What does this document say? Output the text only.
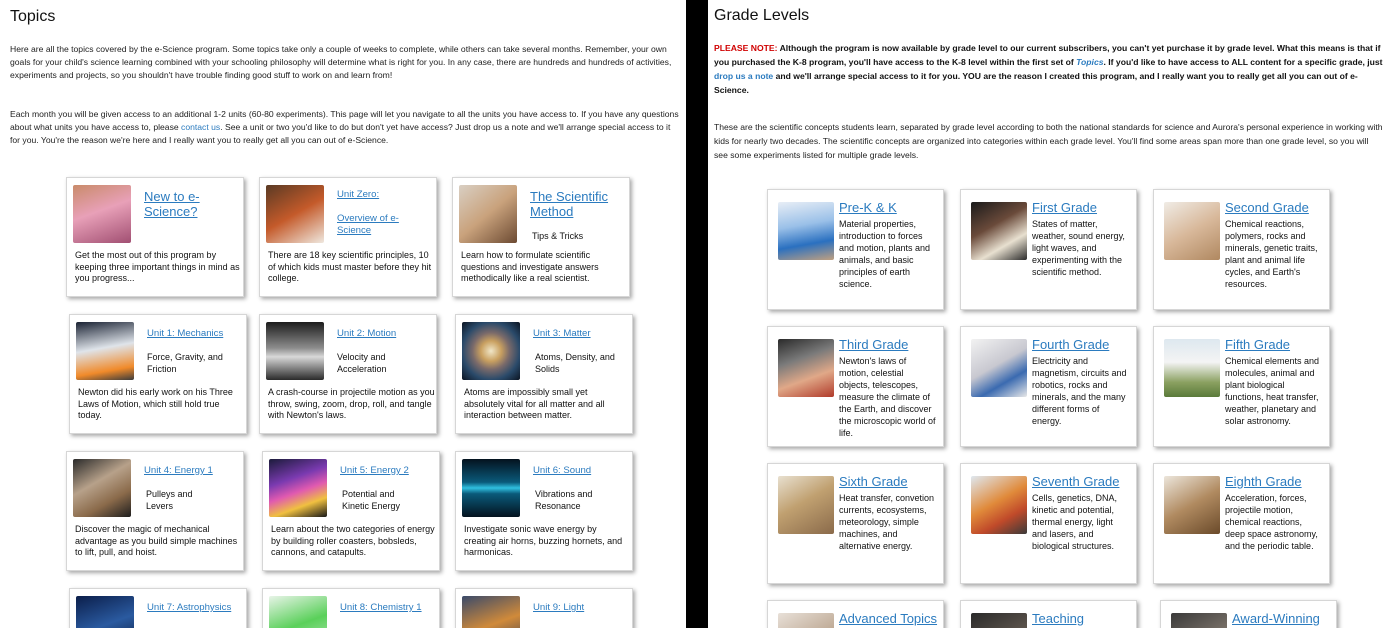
Topics

Here are all the topics covered by the e-Science program. Some topics take only a couple of weeks to complete, while others can take several months. Remember, your own goals for your child's science learning combined with your schooling philosophy will determine what is right for you. In any case, there are hundreds and hundreds of activities, experiments and projects, so you shouldn't have trouble finding good stuff to work on and learn from!

Each month you will be given access to an additional 1-2 units (60-80 experiments). This page will let you navigate to all the units you have access to. If you have any questions about what units you have access to, please contact us. See a unit or two you'd like to do but don't yet have access? Just drop us a note and we'll arrange special access to it for you. You're the reason we're here and I really want you to really get all you can out of e-Science.

New to e-Science?
Get the most out of this program by keeping three important things in mind as you progress...
Unit Zero:
Overview of e-Science
There are 18 key scientific principles, 10 of which kids must master before they hit college.
The Scientific Method
Tips & Tricks
Learn how to formulate scientific questions and investigate answers methodically like a real scientist.
Unit 1: Mechanics
Force, Gravity, and Friction
Newton did his early work on his Three Laws of Motion, which still hold true today.
Unit 2: Motion
Velocity and Acceleration
A crash-course in projectile motion as you throw, swing, zoom, drop, roll, and tangle with Newton's laws.
Unit 3: Matter
Atoms, Density, and Solids
Atoms are impossibly small yet absolutely vital for all matter and all interaction between matter.
Unit 4: Energy 1
Pulleys and Levers
Discover the magic of mechanical advantage as you build simple machines to lift, pull, and hoist.
Unit 5: Energy 2
Potential and Kinetic Energy
Learn about the two categories of energy by building roller coasters, bobsleds, cannons, and catapults.
Unit 6: Sound
Vibrations and Resonance
Investigate sonic wave energy by creating air horns, buzzing hornets, and harmonicas.
Unit 7: Astrophysics	Unit 8: Chemistry 1	Unit 9: Light
Grade Levels

PLEASE NOTE: Although the program is now available by grade level to our current subscribers, you can't yet purchase it by grade level. What this means is that if you purchased the K-8 program, you'll have access to the K-8 level within the first set of Topics. If you'd like to have access to ALL content for a specific grade, just drop us a note and we'll arrange special access to it for you. YOU are the reason I created this program, and I really want you to really get all you can out of e-Science.

These are the scientific concepts students learn, separated by grade level according to both the national standards for science and Aurora's personal experience in working with kids for nearly two decades. The scientific concepts are organized into categories within each grade level. You'll find some areas span more than one grade level, so you will see some experiments listed for multiple grade levels.

Pre-K & K
Material properties, introduction to forces and motion, plants and animals, and basic principles of earth science.
First Grade
States of matter, weather, sound energy, light waves, and experimenting with the scientific method.
Second Grade
Chemical reactions, polymers, rocks and minerals, genetic traits, plant and animal life cycles, and Earth's resources.
Third Grade
Newton's laws of motion, celestial objects, telescopes, measure the climate of the Earth, and discover the microscopic world of life.
Fourth Grade
Electricity and magnetism, circuits and robotics, rocks and minerals, and the many different forms of energy.
Fifth Grade
Chemical elements and molecules, animal and plant biological functions, heat transfer, weather, planetary and solar astronomy.
Sixth Grade
Heat transfer, convetion currents, ecosystems, meteorology, simple machines, and alternative energy.
Seventh Grade
Cells, genetics, DNA, kinetic and potential, thermal energy, light and lasers, and biological structures.
Eighth Grade
Acceleration, forces, projectile motion, chemical reactions, deep space astronomy, and the periodic table.
Advanced Topics	Teaching	Award-Winning
